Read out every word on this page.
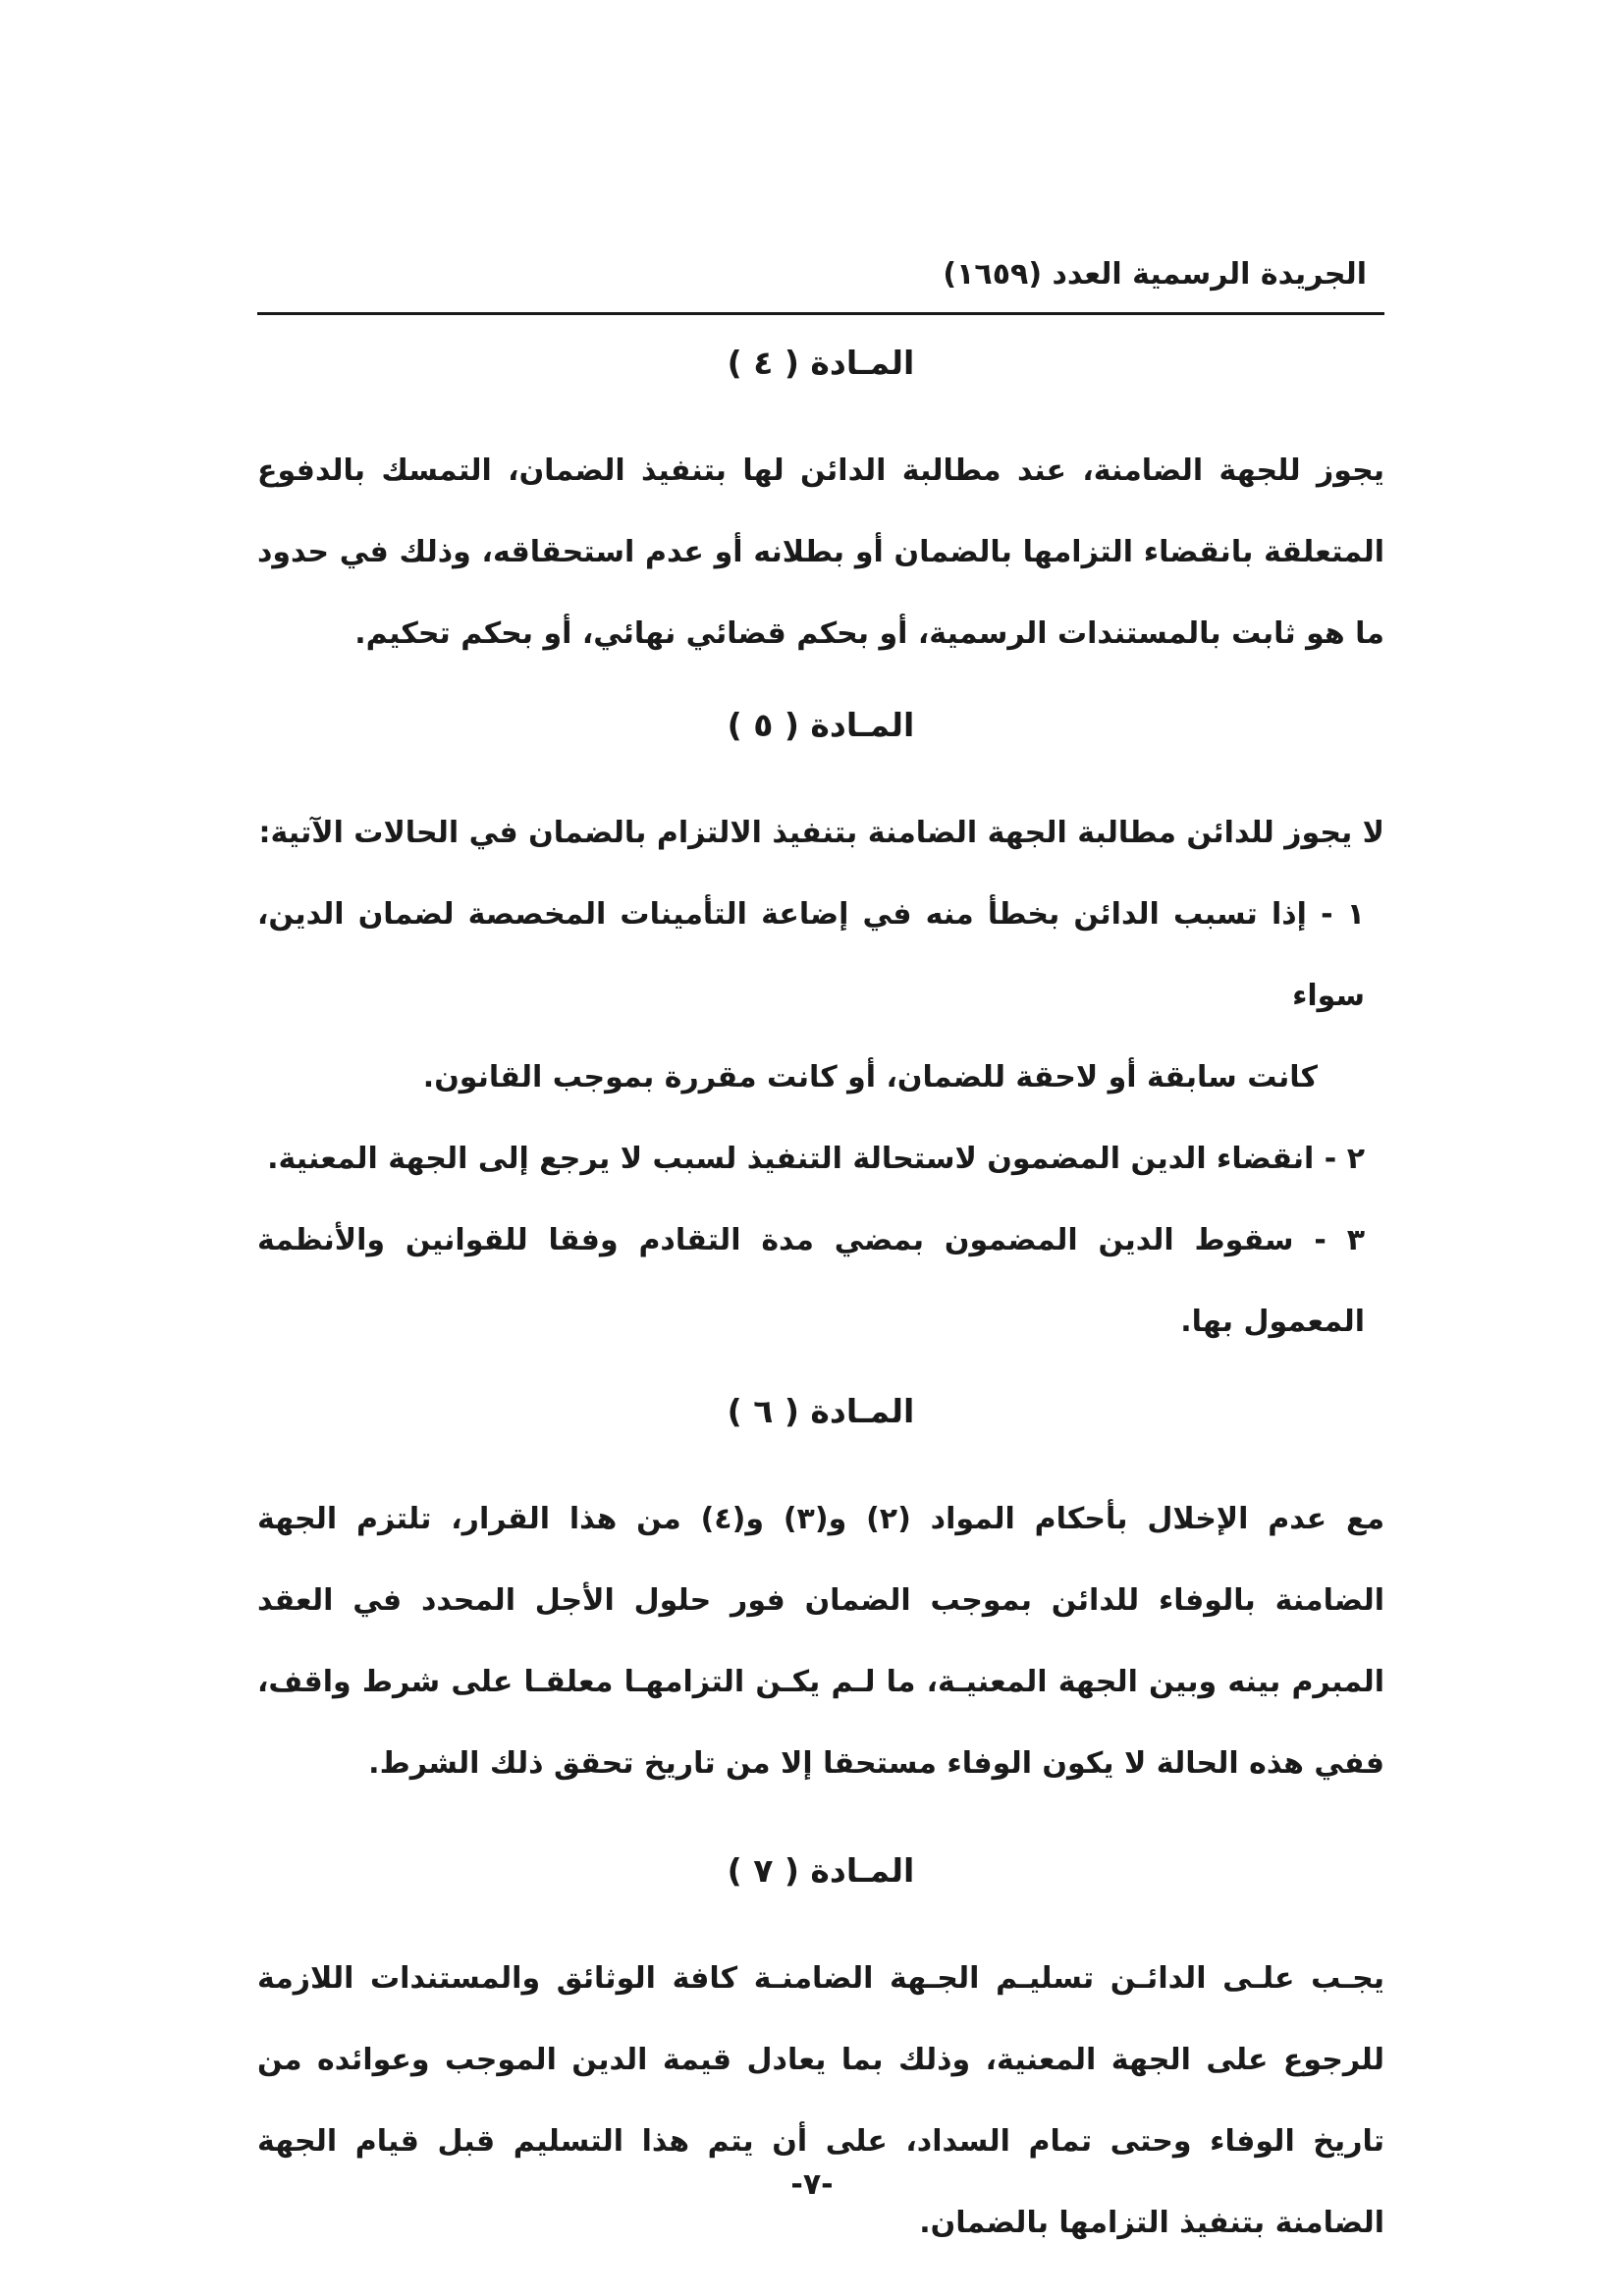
الجريدة الرسمية العدد (١٦٥٩)
المـادة ( ٤ )

يجوز للجهة الضامنة، عند مطالبة الدائن لها بتنفيذ الضمان، التمسك بالدفوع المتعلقة بانقضاء التزامها بالضمان أو بطلانه أو عدم استحقاقه، وذلك في حدود ما هو ثابت بالمستندات الرسمية، أو بحكم قضائي نهائي، أو بحكم تحكيم.

المـادة ( ٥ )

لا يجوز للدائن مطالبة الجهة الضامنة بتنفيذ الالتزام بالضمان في الحالات الآتية:

١ - إذا تسبب الدائن بخطأ منه في إضاعة التأمينات المخصصة لضمان الدين، سواء
كانت سابقة أو لاحقة للضمان، أو كانت مقررة بموجب القانون.
٢ - انقضاء الدين المضمون لاستحالة التنفيذ لسبب لا يرجع إلى الجهة المعنية.
٣ - سقوط الدين المضمون بمضي مدة التقادم وفقا للقوانين والأنظمة المعمول بها.
المـادة ( ٦ )

مع عدم الإخلال بأحكام المواد (٢) و(٣) و(٤) من هذا القرار، تلتزم الجهة الضامنة بالوفاء للدائن بموجب الضمان فور حلول الأجل المحدد في العقد المبرم بينه وبين الجهة المعنيـة، ما لـم يكـن التزامهـا معلقـا على شرط واقف، ففي هذه الحالة لا يكون الوفاء مستحقا إلا من تاريخ تحقق ذلك الشرط.

المـادة ( ٧ )

يجـب علـى الدائـن تسليـم الجـهة الضامنـة كافة الوثائق والمستندات اللازمة للرجوع على الجهة المعنية، وذلك بما يعادل قيمة الدين الموجب وعوائده من تاريخ الوفاء وحتى تمام السداد، على أن يتم هذا التسليم قبل قيام الجهة الضامنة بتنفيذ التزامها بالضمان.

-٧-
